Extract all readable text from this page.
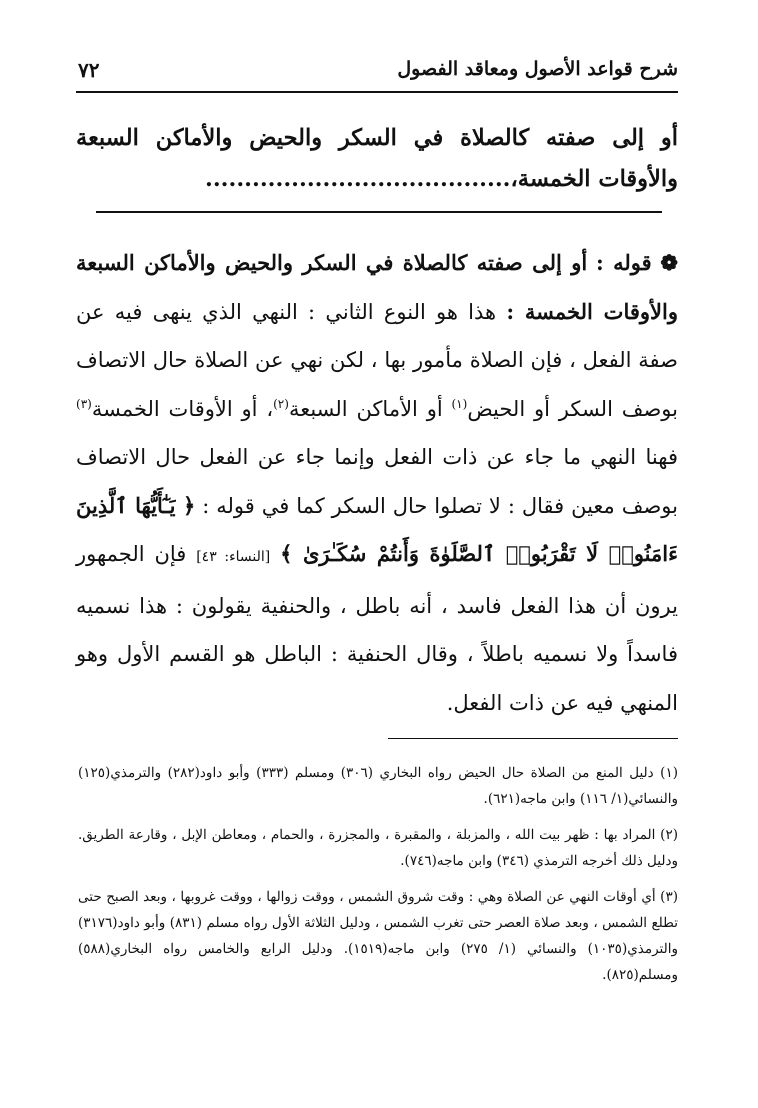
٧٢	شرح قواعد الأصول ومعاقد الفصول
أو إلى صفته كالصلاة في السكر والحيض والأماكن السبعة والأوقات الخمسة،.......................................

❁ قوله : أو إلى صفته كالصلاة في السكر والحيض والأماكن السبعة والأوقات الخمسة : هذا هو النوع الثاني : النهي الذي ينهى فيه عن صفة الفعل ، فإن الصلاة مأمور بها ، لكن نهي عن الصلاة حال الاتصاف بوصف السكر أو الحيض$^{(١)}$ أو الأماكن السبعة$^{(٢)}$، أو الأوقات الخمسة$^{(٣)}$ فهنا النهي ما جاء عن ذات الفعل وإنما جاء عن الفعل حال الاتصاف بوصف معين فقال : لا تصلوا حال السكر كما في قوله : ﴿ يَـٰٓأَيُّهَا ٱلَّذِينَ ءَامَنُوا۟ لَا تَقْرَبُوا۟ ٱلصَّلَوٰةَ وَأَنتُمْ سُكَـٰرَىٰ ﴾ [النساء: ٤٣] فإن الجمهور يرون أن هذا الفعل فاسد ، أنه باطل ، والحنفية يقولون : هذا نسميه فاسداً ولا نسميه باطلاً ، وقال الحنفية : الباطل هو القسم الأول وهو المنهي فيه عن ذات الفعل.

(١) دليل المنع من الصلاة حال الحيض رواه البخاري (٣٠٦) ومسلم (٣٣٣) وأبو داود(٢٨٢) والترمذي(١٢٥) والنسائي(١/ ١١٦) وابن ماجه(٦٢١).

(٢) المراد بها : ظهر بيت الله ، والمزبلة ، والمقبرة ، والمجزرة ، والحمام ، ومعاطن الإبل ، وقارعة الطريق. ودليل ذلك أخرجه الترمذي (٣٤٦) وابن ماجه(٧٤٦).

(٣) أي أوقات النهي عن الصلاة وهي : وقت شروق الشمس ، ووقت زوالها ، ووقت غروبها ، وبعد الصبح حتى تطلع الشمس ، وبعد صلاة العصر حتى تغرب الشمس ، ودليل الثلاثة الأول رواه مسلم (٨٣١) وأبو داود(٣١٧٦) والترمذي(١٠٣٥) والنسائي (١/ ٢٧٥) وابن ماجه(١٥١٩). ودليل الرابع والخامس رواه البخاري(٥٨٨) ومسلم(٨٢٥).
